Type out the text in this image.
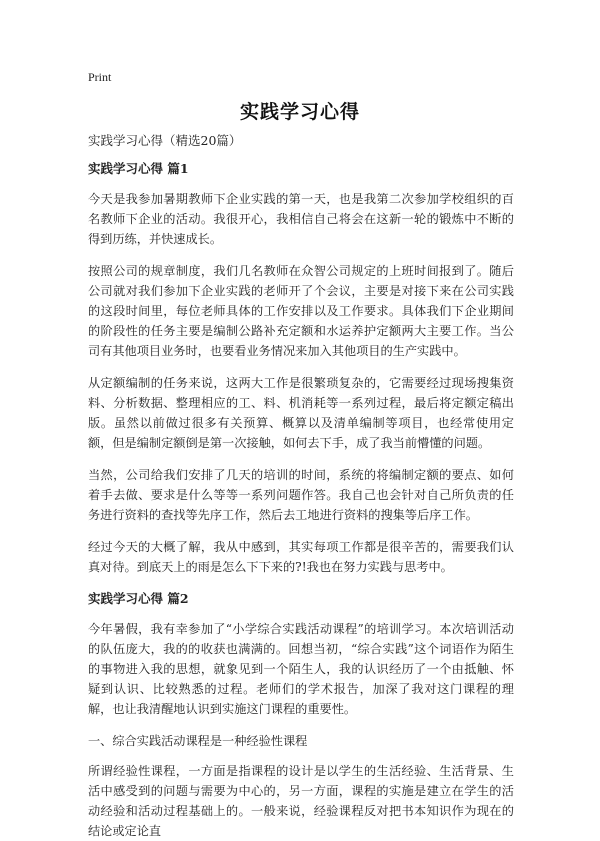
Print
实践学习心得
实践学习心得（精选20篇）
实践学习心得 篇1

今天是我参加暑期教师下企业实践的第一天，也是我第二次参加学校组织的百名教师下企业的活动。我很开心，我相信自己将会在这新一轮的锻炼中不断的得到历练，并快速成长。

按照公司的规章制度，我们几名教师在众智公司规定的上班时间报到了。随后公司就对我们参加下企业实践的老师开了个会议，主要是对接下来在公司实践的这段时间里，每位老师具体的工作安排以及工作要求。具体我们下企业期间的阶段性的任务主要是编制公路补充定额和水运养护定额两大主要工作。当公司有其他项目业务时，也要看业务情况来加入其他项目的生产实践中。

从定额编制的任务来说，这两大工作是很繁琐复杂的，它需要经过现场搜集资料、分析数据、整理相应的工、料、机消耗等一系列过程，最后将定额定稿出版。虽然以前做过很多有关预算、概算以及清单编制等项目，也经常使用定额，但是编制定额倒是第一次接触，如何去下手，成了我当前懵懂的问题。

当然，公司给我们安排了几天的培训的时间，系统的将编制定额的要点、如何着手去做、要求是什么等等一系列问题作答。我自己也会针对自己所负责的任务进行资料的查找等先序工作，然后去工地进行资料的搜集等后序工作。

经过今天的大概了解，我从中感到，其实每项工作都是很辛苦的，需要我们认真对待。到底天上的雨是怎么下下来的?!我也在努力实践与思考中。

实践学习心得 篇2

今年暑假，我有幸参加了“小学综合实践活动课程”的培训学习。本次培训活动的队伍庞大，我的的收获也满满的。回想当初，“综合实践”这个词语作为陌生的事物进入我的思想，就象见到一个陌生人，我的认识经历了一个由抵触、怀疑到认识、比较熟悉的过程。老师们的学术报告，加深了我对这门课程的理解，也让我清醒地认识到实施这门课程的重要性。

一、综合实践活动课程是一种经验性课程

所谓经验性课程，一方面是指课程的设计是以学生的生活经验、生活背景、生活中感受到的问题与需要为中心的，另一方面，课程的实施是建立在学生的活动经验和活动过程基础上的。一般来说，经验课程反对把书本知识作为现在的结论或定论直
